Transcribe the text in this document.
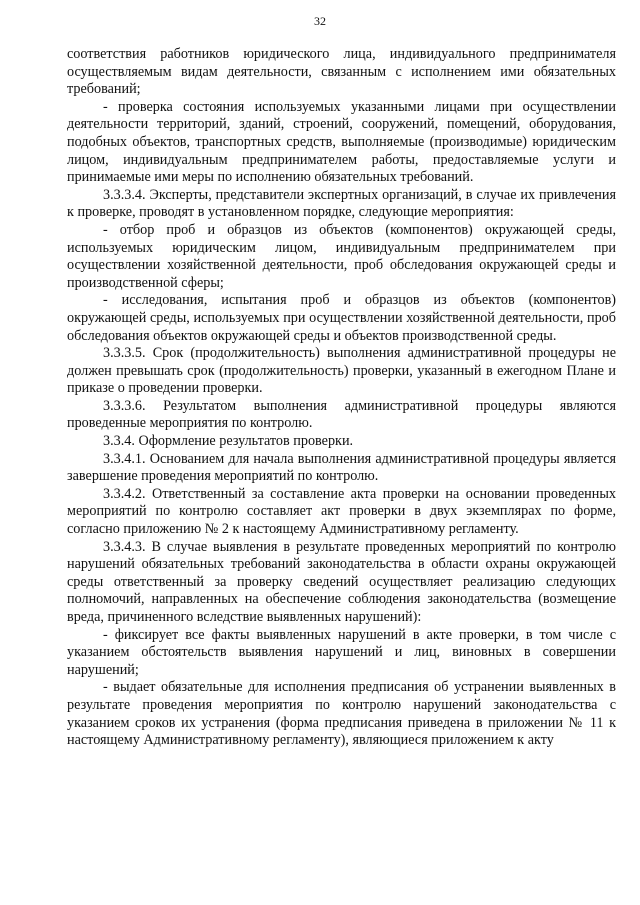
32

соответствия работников юридического лица, индивидуального предпринимателя осуществляемым видам деятельности, связанным с исполнением ими обязательных требований;

- проверка состояния используемых указанными лицами при осуществлении деятельности территорий, зданий, строений, сооружений, помещений, оборудования, подобных объектов, транспортных средств, выполняемые (производимые) юридическим лицом, индивидуальным предпринимателем работы, предоставляемые услуги и принимаемые ими меры по исполнению обязательных требований.

3.3.3.4. Эксперты, представители экспертных организаций, в случае их привлечения к проверке, проводят в установленном порядке, следующие мероприятия:

- отбор проб и образцов из объектов (компонентов) окружающей среды, используемых юридическим лицом, индивидуальным предпринимателем при осуществлении хозяйственной деятельности, проб обследования окружающей среды и производственной сферы;

- исследования, испытания проб и образцов из объектов (компонентов) окружающей среды, используемых при осуществлении хозяйственной деятельности, проб обследования объектов окружающей среды и объектов производственной среды.

3.3.3.5. Срок (продолжительность) выполнения административной процедуры не должен превышать срок (продолжительность) проверки, указанный в ежегодном Плане и приказе о проведении проверки.

3.3.3.6. Результатом выполнения административной процедуры являются проведенные мероприятия по контролю.

3.3.4. Оформление результатов проверки.

3.3.4.1. Основанием для начала выполнения административной процедуры является завершение проведения мероприятий по контролю.

3.3.4.2. Ответственный за составление акта проверки на основании проведенных мероприятий по контролю составляет акт проверки в двух экземплярах по форме, согласно приложению № 2 к настоящему Административному регламенту.

3.3.4.3. В случае выявления в результате проведенных мероприятий по контролю нарушений обязательных требований законодательства в области охраны окружающей среды ответственный за проверку сведений осуществляет реализацию следующих полномочий, направленных на обеспечение соблюдения законодательства (возмещение вреда, причиненного вследствие выявленных нарушений):

- фиксирует все факты выявленных нарушений в акте проверки, в том числе с указанием обстоятельств выявления нарушений и лиц, виновных в совершении нарушений;

- выдает обязательные для исполнения предписания об устранении выявленных в результате проведения мероприятия по контролю нарушений законодательства с указанием сроков их устранения (форма предписания приведена в приложении № 11 к настоящему Административному регламенту), являющиеся приложением к акту
